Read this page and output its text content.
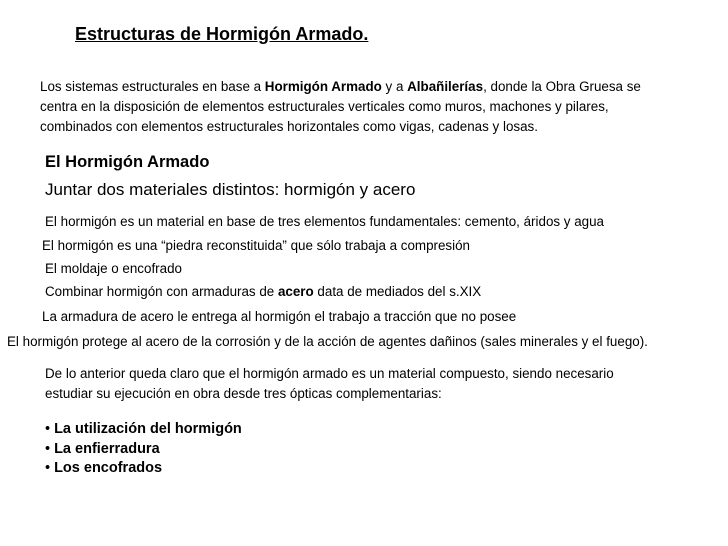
Estructuras de Hormigón Armado.
Los sistemas estructurales en base a Hormigón Armado y a Albañilerías, donde la Obra Gruesa se centra en la disposición de elementos estructurales verticales como muros, machones y pilares, combinados con elementos estructurales horizontales como vigas, cadenas y losas.
El Hormigón Armado
Juntar dos materiales distintos: hormigón y acero
El hormigón es un material en base de tres elementos fundamentales: cemento, áridos y agua
El hormigón es una “piedra reconstituida” que sólo trabaja a compresión
El moldaje o encofrado
Combinar hormigón con armaduras de acero data de mediados del s.XIX
La armadura de acero le entrega al hormigón el trabajo a tracción que no posee
El hormigón protege al acero de la corrosión y de la acción de agentes dañinos (sales minerales y el fuego).
De lo anterior queda claro que el hormigón armado es un material compuesto, siendo necesario estudiar su ejecución en obra desde tres ópticas complementarias:
• La utilización del hormigón
• La enfierradura
• Los encofrados
